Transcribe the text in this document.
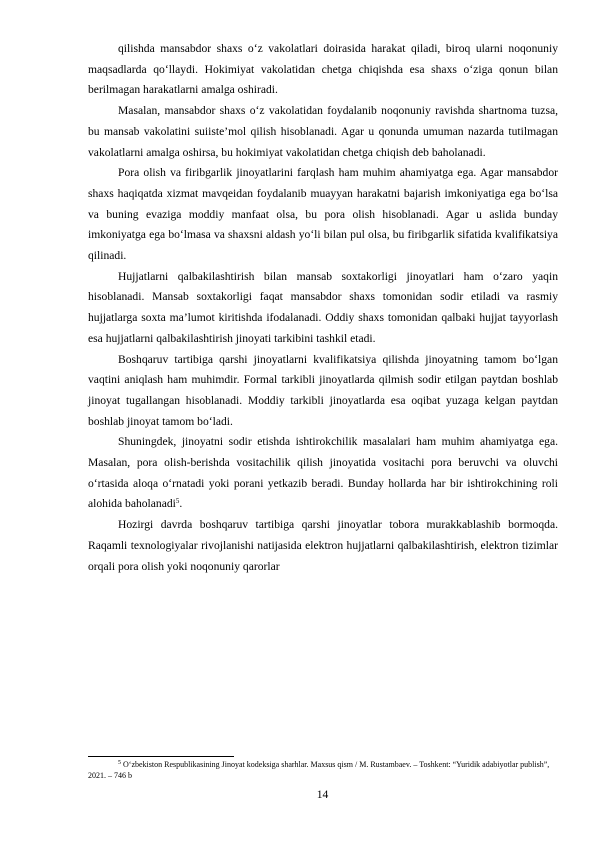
qilishda mansabdor shaxs o‘z vakolatlari doirasida harakat qiladi, biroq ularni noqonuniy maqsadlarda qo‘llaydi. Hokimiyat vakolatidan chetga chiqishda esa shaxs o‘ziga qonun bilan berilmagan harakatlarni amalga oshiradi.

Masalan, mansabdor shaxs o‘z vakolatidan foydalanib noqonuniy ravishda shartnoma tuzsa, bu mansab vakolatini suiiste’mol qilish hisoblanadi. Agar u qonunda umuman nazarda tutilmagan vakolatlarni amalga oshirsa, bu hokimiyat vakolatidan chetga chiqish deb baholanadi.

Pora olish va firibgarlik jinoyatlarini farqlash ham muhim ahamiyatga ega. Agar mansabdor shaxs haqiqatda xizmat mavqeidan foydalanib muayyan harakatni bajarish imkoniyatiga ega bo‘lsa va buning evaziga moddiy manfaat olsa, bu pora olish hisoblanadi. Agar u aslida bunday imkoniyatga ega bo‘lmasa va shaxsni aldash yo‘li bilan pul olsa, bu firibgarlik sifatida kvalifikatsiya qilinadi.

Hujjatlarni qalbakilashtirish bilan mansab soxtakorligi jinoyatlari ham o‘zaro yaqin hisoblanadi. Mansab soxtakorligi faqat mansabdor shaxs tomonidan sodir etiladi va rasmiy hujjatlarga soxta ma’lumot kiritishda ifodalanadi. Oddiy shaxs tomonidan qalbaki hujjat tayyorlash esa hujjatlarni qalbakilashtirish jinoyati tarkibini tashkil etadi.

Boshqaruv tartibiga qarshi jinoyatlarni kvalifikatsiya qilishda jinoyatning tamom bo‘lgan vaqtini aniqlash ham muhimdir. Formal tarkibli jinoyatlarda qilmish sodir etilgan paytdan boshlab jinoyat tugallangan hisoblanadi. Moddiy tarkibli jinoyatlarda esa oqibat yuzaga kelgan paytdan boshlab jinoyat tamom bo‘ladi.

Shuningdek, jinoyatni sodir etishda ishtirokchilik masalalari ham muhim ahamiyatga ega. Masalan, pora olish-berishda vositachilik qilish jinoyatida vositachi pora beruvchi va oluvchi o‘rtasida aloqa o‘rnatadi yoki porani yetkazib beradi. Bunday hollarda har bir ishtirokchining roli alohida baholanadi$^5$.

Hozirgi davrda boshqaruv tartibiga qarshi jinoyatlar tobora murakkablashib bormoqda. Raqamli texnologiyalar rivojlanishi natijasida elektron hujjatlarni qalbakilashtirish, elektron tizimlar orqali pora olish yoki noqonuniy qarorlar

$^5$ O‘zbekiston Respublikasining Jinoyat kodeksiga sharhlar. Maxsus qism / M. Rustambaev. – Toshkent: “Yuridik adabiyotlar publish”, 2021. – 746 b

14
